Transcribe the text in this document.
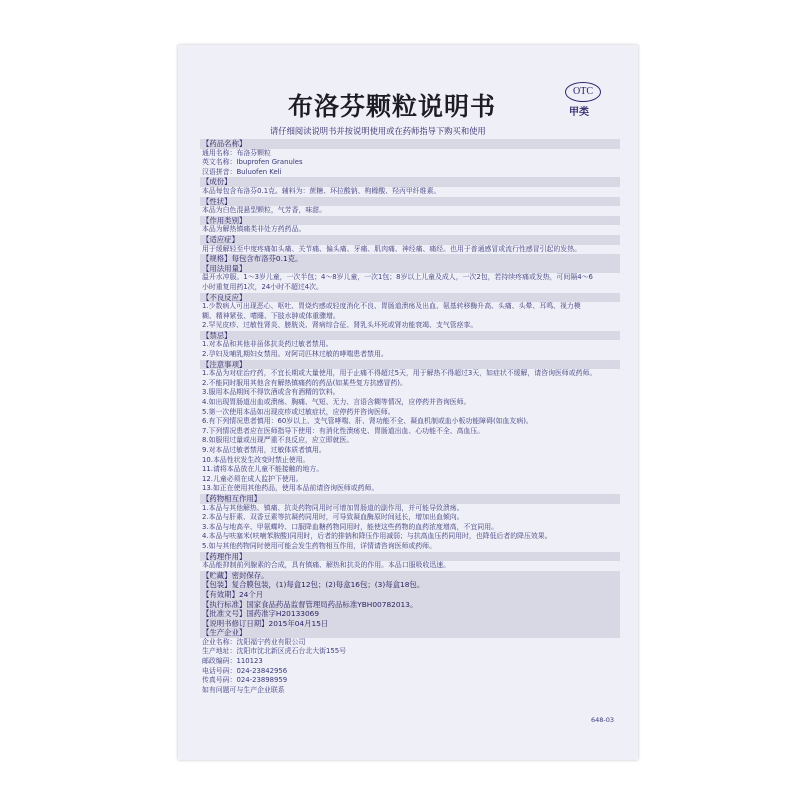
布洛芬颗粒说明书
OTC
甲类
请仔细阅读说明书并按说明使用或在药师指导下购买和使用
【药品名称】
通用名称：布洛芬颗粒
英文名称：Ibuprofen Granules
汉语拼音：Buluofen Keli
【成份】
本品每包含布洛芬0.1克。辅料为：蔗糖、环拉酸钠、枸橼酸、羟丙甲纤维素。
【性状】
本品为白色混悬型颗粒，气芳香，味甜。
【作用类别】
本品为解热镇痛类非处方药药品。
【适应症】
用于缓解轻至中度疼痛如头痛、关节痛、偏头痛、牙痛、肌肉痛、神经痛、痛经。也用于普通感冒或流行性感冒引起的发热。
【规格】每包含布洛芬0.1克。
【用法用量】
温开水冲服。1～3岁儿童，一次半包；4～8岁儿童，一次1包；8岁以上儿童及成人，一次2包，若持续疼痛或发热，可间隔4～6
小时重复用药1次，24小时不超过4次。
【不良反应】
1.少数病人可出现恶心、呕吐、胃烧灼感或轻度消化不良、胃肠道溃疡及出血、氨基转移酶升高、头痛、头晕、耳鸣、视力模
糊、精神紧张、嗜睡、下肢水肿或体重骤增。
2.罕见皮疹、过敏性肾炎、膀胱炎、肾病综合征、肾乳头坏死或肾功能衰竭、支气管痉挛。
【禁忌】
1.对本品和其他非甾体抗炎药过敏者禁用。
2.孕妇及哺乳期妇女禁用。对阿司匹林过敏的哮喘患者禁用。
【注意事项】
1.本品为对症治疗药，不宜长期或大量使用，用于止痛不得超过5天，用于解热不得超过3天，如症状不缓解，请咨询医师或药师。
2.不能同时服用其他含有解热镇痛药的药品(如某些复方抗感冒药)。
3.服用本品期间不得饮酒或含有酒精的饮料。
4.如出现胃肠道出血或溃疡、胸痛、气短、无力、言语含糊等情况，应停药并咨询医师。
5.第一次使用本品如出现皮疹或过敏症状，应停药并咨询医师。
6.有下列情况患者慎用：60岁以上、支气管哮喘、肝、肾功能不全、凝血机制或血小板功能障碍(如血友病)。
7.下列情况患者应在医师指导下使用：有消化性溃疡史、胃肠道出血、心功能不全、高血压。
8.如服用过量或出现严重不良反应，应立即就医。
9.对本品过敏者禁用，过敏体质者慎用。
10.本品性状发生改变时禁止使用。
11.请将本品放在儿童不能接触的地方。
12.儿童必须在成人监护下使用。
13.如正在使用其他药品，使用本品前请咨询医师或药师。
【药物相互作用】
1.本品与其他解热、镇痛、抗炎药物同用时可增加胃肠道的副作用，并可能导致溃疡。
2.本品与肝素、双香豆素等抗凝药同用时，可导致凝血酶原时间延长，增加出血倾向。
3.本品与地高辛、甲氨蝶呤、口服降血糖药物同用时，能使这些药物的血药浓度增高，不宜同用。
4.本品与呋塞米(呋喃苯胺酸)同用时，后者的排钠和降压作用减弱；与抗高血压药同用时，也降低后者的降压效果。
5.如与其他药物同时使用可能会发生药物相互作用，详情请咨询医师或药师。
【药理作用】
本品能抑制前列腺素的合成，具有镇痛、解热和抗炎的作用。本品口服吸收迅速。
【贮藏】密封保存。
【包装】复合膜包装，(1)每盒12包；(2)每盒16包；(3)每盒18包。
【有效期】24个月
【执行标准】国家食品药品监督管理局药品标准YBH00782013。
【批准文号】国药准字H20133069
【说明书修订日期】2015年04月15日
【生产企业】
企业名称：沈阳福宁药业有限公司
生产地址：沈阳市沈北新区虎石台北大街155号
邮政编码：110123
电话号码：024-23842956
传真号码：024-23898959
如有问题可与生产企业联系
648-03
